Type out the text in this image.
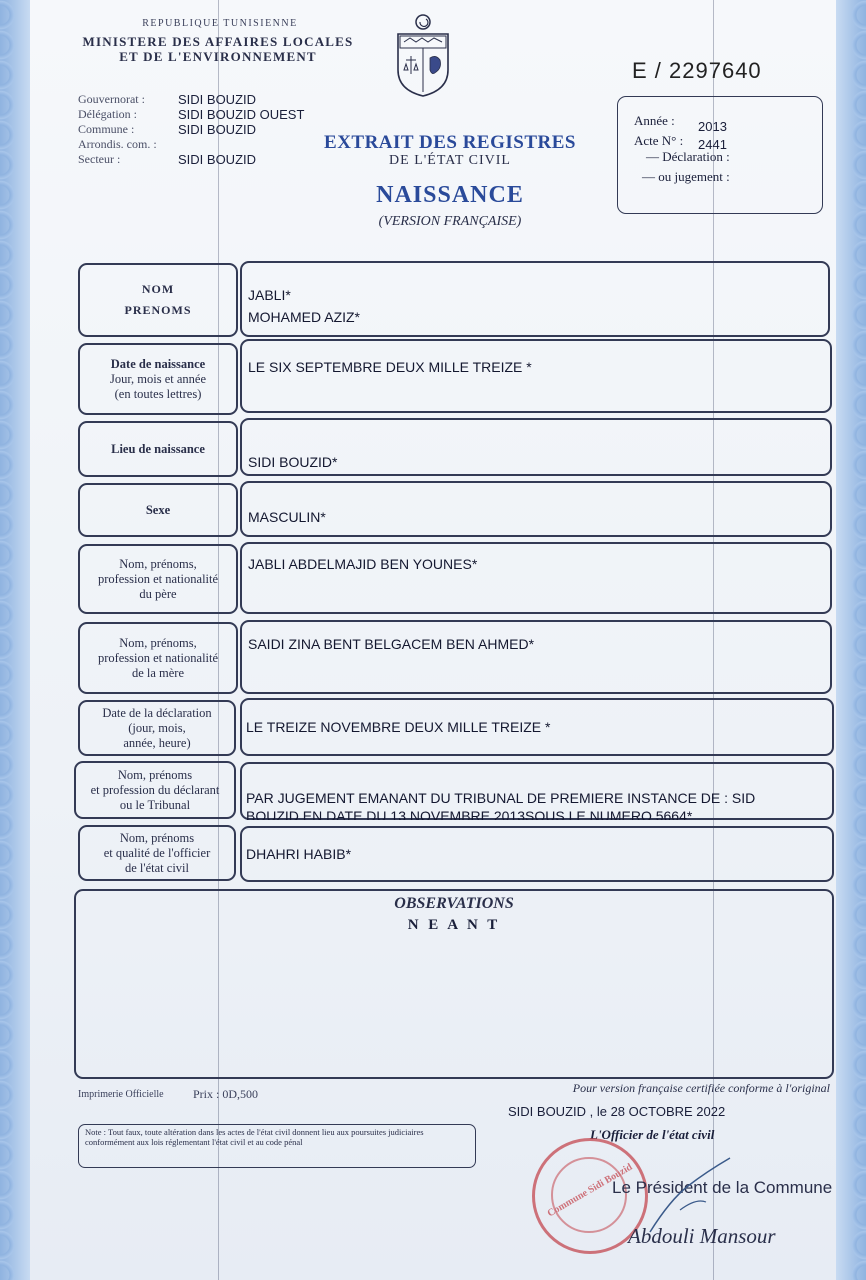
REPUBLIQUE TUNISIENNE
MINISTERE DES AFFAIRES LOCALES
ET DE L'ENVIRONNEMENT
Gouvernorat :	SIDI BOUZID
Délégation :	SIDI BOUZID OUEST
Commune :	SIDI BOUZID
Arrondis. com. :
Secteur :	SIDI BOUZID
E / 2297640
EXTRAIT DES REGISTRES
DE L'ÉTAT CIVIL
NAISSANCE
(VERSION FRANÇAISE)
Année : 2013
Acte N° : 2441
— Déclaration :
— ou jugement :
NOM
PRENOMS
JABLI*
MOHAMED AZIZ*
Date de naissance
Jour, mois et année
(en toutes lettres)
LE SIX SEPTEMBRE DEUX MILLE TREIZE *
Lieu de naissance
SIDI BOUZID*
Sexe	MASCULIN*
Nom, prénoms,
profession et nationalité
du père
JABLI ABDELMAJID BEN YOUNES*
Nom, prénoms,
profession et nationalité
de la mère
SAIDI ZINA BENT BELGACEM BEN AHMED*
Date de la déclaration
(jour, mois,
année, heure)
LE TREIZE NOVEMBRE DEUX MILLE TREIZE *
Nom, prénoms
et profession du déclarant
ou le Tribunal	PAR JUGEMENT EMANANT DU TRIBUNAL DE PREMIERE INSTANCE DE : SID
BOUZID EN DATE DU 13 NOVEMBRE 2013SOUS LE NUMERO 5664*
Nom, prénoms
et qualité de l'officier
de l'état civil
DHAHRI HABIB*
OBSERVATIONS
N E A N T
Imprimerie Officielle Prix : 0D,500	Pour version française certifiée conforme à l'original
SIDI BOUZID , le 28 OCTOBRE 2022
L'Officier de l'état civil
Note : Tout faux, toute altération dans les actes de l'état civil donnent lieu aux poursuites judiciaires conformément aux lois réglementant l'état civil et au code pénal
Commune Sidi Bouzid
Le Président de la Commune
Abdouli Mansour
